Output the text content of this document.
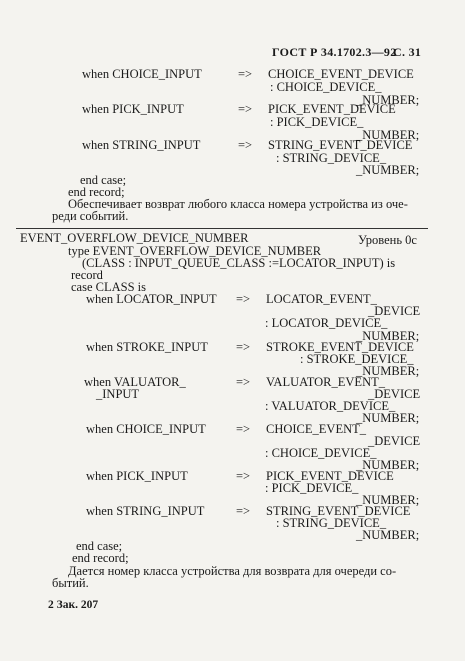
ГОСТ Р 34.1702.3—92
С. 31
when CHOICE_INPUT	=> CHOICE_EVENT_DEVICE
: CHOICE_DEVICE_
_NUMBER;
when PICK_INPUT	=> PICK_EVENT_DEVICE
: PICK_DEVICE_
_NUMBER;
when STRING_INPUT	=> STRING_EVENT_DEVICE
: STRING_DEVICE_
_NUMBER;
end case;
end record;
Обеспечивает возврат любого класса номера устройства из оче-
реди событий.
EVENT_OVERFLOW_DEVICE_NUMBER	Уровень 0с
type EVENT_OVERFLOW_DEVICE_NUMBER
(CLASS : INPUT_QUEUE_CLASS :=LOCATOR_INPUT) is
record
case CLASS is
when LOCATOR_INPUT => LOCATOR_EVENT_
_DEVICE
: LOCATOR_DEVICE_
_NUMBER;
when STROKE_INPUT => STROKE_EVENT_DEVICE
: STROKE_DEVICE_
_NUMBER;
when VALUATOR_
_INPUT
=> VALUATOR_EVENT_
_DEVICE
: VALUATOR_DEVICE_
_NUMBER;
when CHOICE_INPUT => CHOICE_EVENT_
_DEVICE
: CHOICE_DEVICE_
_NUMBER;
when PICK_INPUT	=> PICK_EVENT_DEVICE
: PICK_DEVICE_
_NUMBER;
when STRING_INPUT	=> STRING_EVENT_DEVICE
: STRING_DEVICE_
_NUMBER;
end case;
end record;
Дается номер класса устройства для возврата для очереди со-
бытий.
2 Зак. 207
